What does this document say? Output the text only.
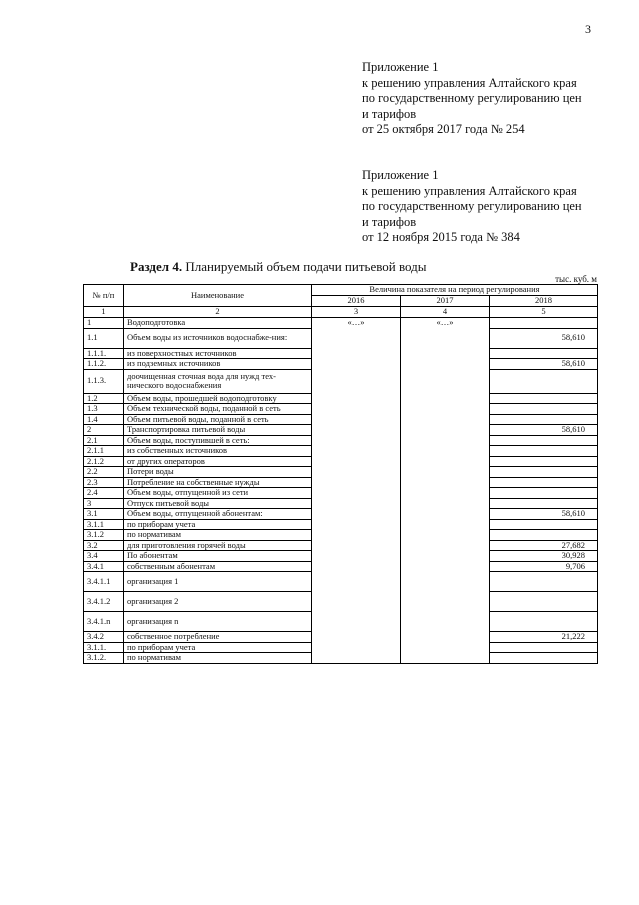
3
Приложение 1
к решению управления Алтайского края
по государственному регулированию цен
и тарифов
от 25 октября 2017 года № 254
Приложение 1
к решению управления Алтайского края
по государственному регулированию цен
и тарифов
от 12 ноября 2015 года № 384
Раздел 4. Планируемый объем подачи питьевой воды
тыс. куб. м
№ п/п	Наименование	Величина показателя на период регулирования		
		2016	2017	2018
1	2	3	4	5
1	Водоподготовка	«…»	«…»	
1.1	Объем воды из источников водоснабже-ния:			58,610
1.1.1.	из поверхностных источников			
1.1.2.	из подземных источников			58,610
1.1.3.	доочищенная сточная вода для нужд тех-нического водоснабжения			
1.2	Объем воды, прошедшей водоподготовку			
1.3	Объем технической воды, поданной в сеть			
1.4	Объем питьевой воды, поданной в сеть			
2	Транспортировка питьевой воды			58,610
2.1	Объем воды, поступившей в сеть:			
2.1.1	из собственных источников			
2.1.2	от других операторов			
2.2	Потери воды			
2.3	Потребление на собственные нужды			
2.4	Объем воды, отпущенной из сети			
3	Отпуск питьевой воды			
3.1	Объем воды, отпущенной абонентам:			58,610
3.1.1	по приборам учета			
3.1.2	по нормативам			
3.2	для приготовления горячей воды			27,682
3.4	По абонентам			30,928
3.4.1	собственным абонентам			9,706
3.4.1.1	организация 1			
3.4.1.2	организация 2			
3.4.1.n	организация n			
3.4.2	собственное потребление			21,222
3.1.1.	по приборам учета			
3.1.2.	по нормативам			
